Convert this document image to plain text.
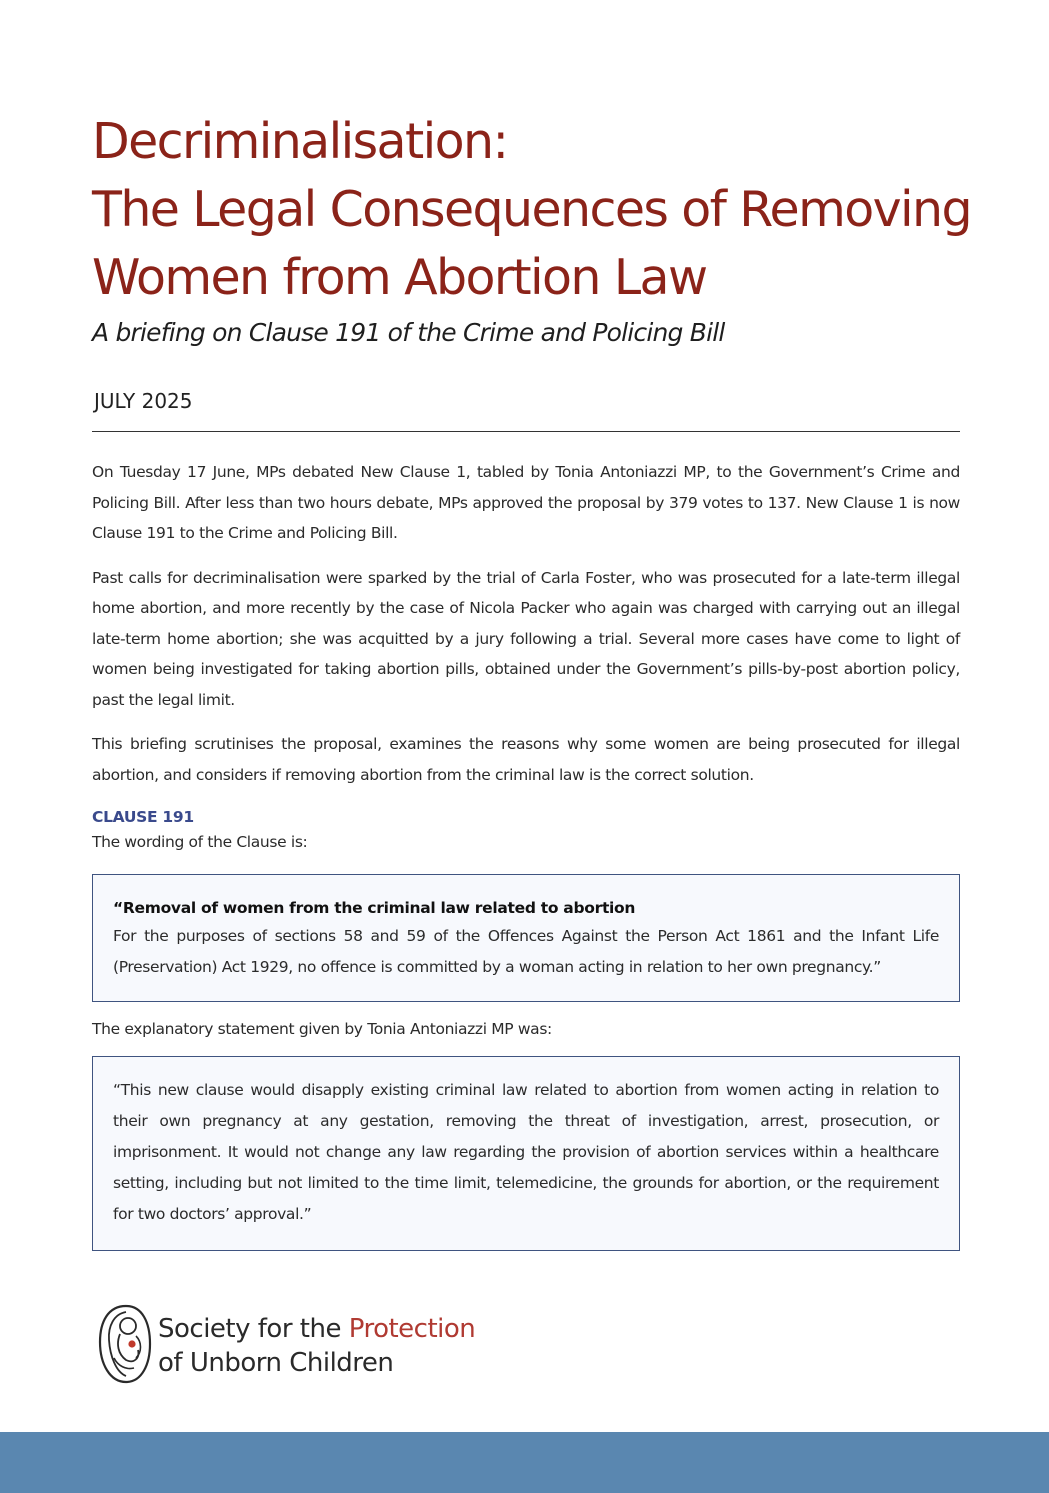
Decriminalisation:
The Legal Consequences of Removing
Women from Abortion Law
A briefing on Clause 191 of the Crime and Policing Bill
JULY 2025

On Tuesday 17 June, MPs debated New Clause 1, tabled by Tonia Antoniazzi MP, to the Government’s Crime and Policing Bill. After less than two hours debate, MPs approved the proposal by 379 votes to 137. New Clause 1 is now Clause 191 to the Crime and Policing Bill.

Past calls for decriminalisation were sparked by the trial of Carla Foster, who was prosecuted for a late-term illegal home abortion, and more recently by the case of Nicola Packer who again was charged with carrying out an illegal late-term home abortion; she was acquitted by a jury following a trial. Several more cases have come to light of women being investigated for taking abortion pills, obtained under the Government’s pills-by-post abortion policy, past the legal limit.

This briefing scrutinises the proposal, examines the reasons why some women are being prosecuted for illegal abortion, and considers if removing abortion from the criminal law is the correct solution.

CLAUSE 191
The wording of the Clause is:
“Removal of women from the criminal law related to abortion

For the purposes of sections 58 and 59 of the Offences Against the Person Act 1861 and the Infant Life (Preservation) Act 1929, no offence is committed by a woman acting in relation to her own pregnancy.”

The explanatory statement given by Tonia Antoniazzi MP was:

“This new clause would disapply existing criminal law related to abortion from women acting in relation to their own pregnancy at any gestation, removing the threat of investigation, arrest, prosecution, or imprisonment. It would not change any law regarding the provision of abortion services within a healthcare setting, including but not limited to the time limit, telemedicine, the grounds for abortion, or the requirement for two doctors’ approval.”

Society for the Protection
of Unborn Children
